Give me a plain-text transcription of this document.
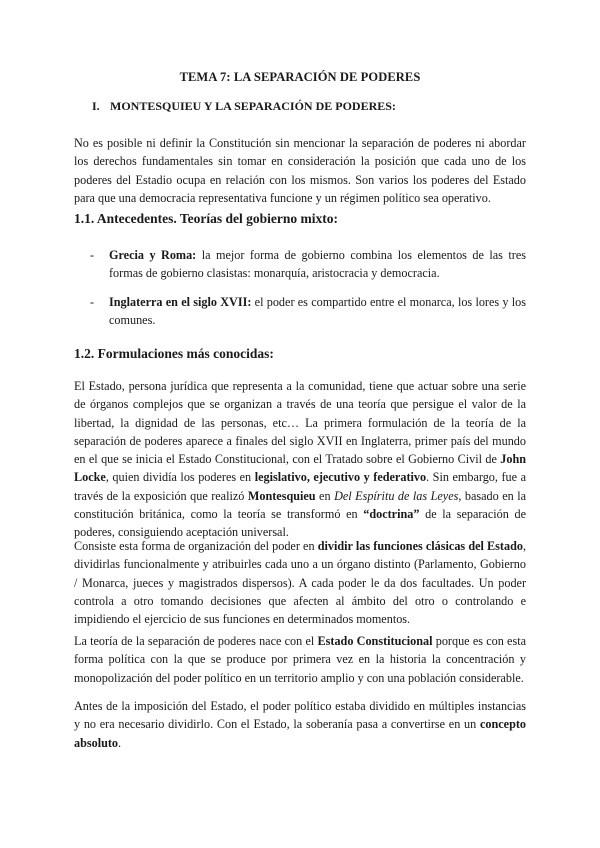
TEMA 7: LA SEPARACIÓN DE PODERES
I. MONTESQUIEU Y LA SEPARACIÓN DE PODERES:

No es posible ni definir la Constitución sin mencionar la separación de poderes ni abordar los derechos fundamentales sin tomar en consideración la posición que cada uno de los poderes del Estadio ocupa en relación con los mismos. Son varios los poderes del Estado para que una democracia representativa funcione y un régimen político sea operativo.

1.1. Antecedentes. Teorías del gobierno mixto:
- Grecia y Roma: la mejor forma de gobierno combina los elementos de las tres formas de gobierno clasistas: monarquía, aristocracia y democracia.
- Inglaterra en el siglo XVII: el poder es compartido entre el monarca, los lores y los comunes.
1.2. Formulaciones más conocidas:

El Estado, persona jurídica que representa a la comunidad, tiene que actuar sobre una serie de órganos complejos que se organizan a través de una teoría que persigue el valor de la libertad, la dignidad de las personas, etc… La primera formulación de la teoría de la separación de poderes aparece a finales del siglo XVII en Inglaterra, primer país del mundo en el que se inicia el Estado Constitucional, con el Tratado sobre el Gobierno Civil de John Locke, quien dividía los poderes en legislativo, ejecutivo y federativo. Sin embargo, fue a través de la exposición que realizó Montesquieu en Del Espíritu de las Leyes, basado en la constitución británica, como la teoría se transformó en “doctrina” de la separación de poderes, consiguiendo aceptación universal.

Consiste esta forma de organización del poder en dividir las funciones clásicas del Estado, dividirlas funcionalmente y atribuirles cada uno a un órgano distinto (Parlamento, Gobierno / Monarca, jueces y magistrados dispersos). A cada poder le da dos facultades. Un poder controla a otro tomando decisiones que afecten al ámbito del otro o controlando e impidiendo el ejercicio de sus funciones en determinados momentos.

La teoría de la separación de poderes nace con el Estado Constitucional porque es con esta forma política con la que se produce por primera vez en la historia la concentración y monopolización del poder político en un territorio amplio y con una población considerable.

Antes de la imposición del Estado, el poder político estaba dividido en múltiples instancias y no era necesario dividirlo. Con el Estado, la soberanía pasa a convertirse en un concepto absoluto.
